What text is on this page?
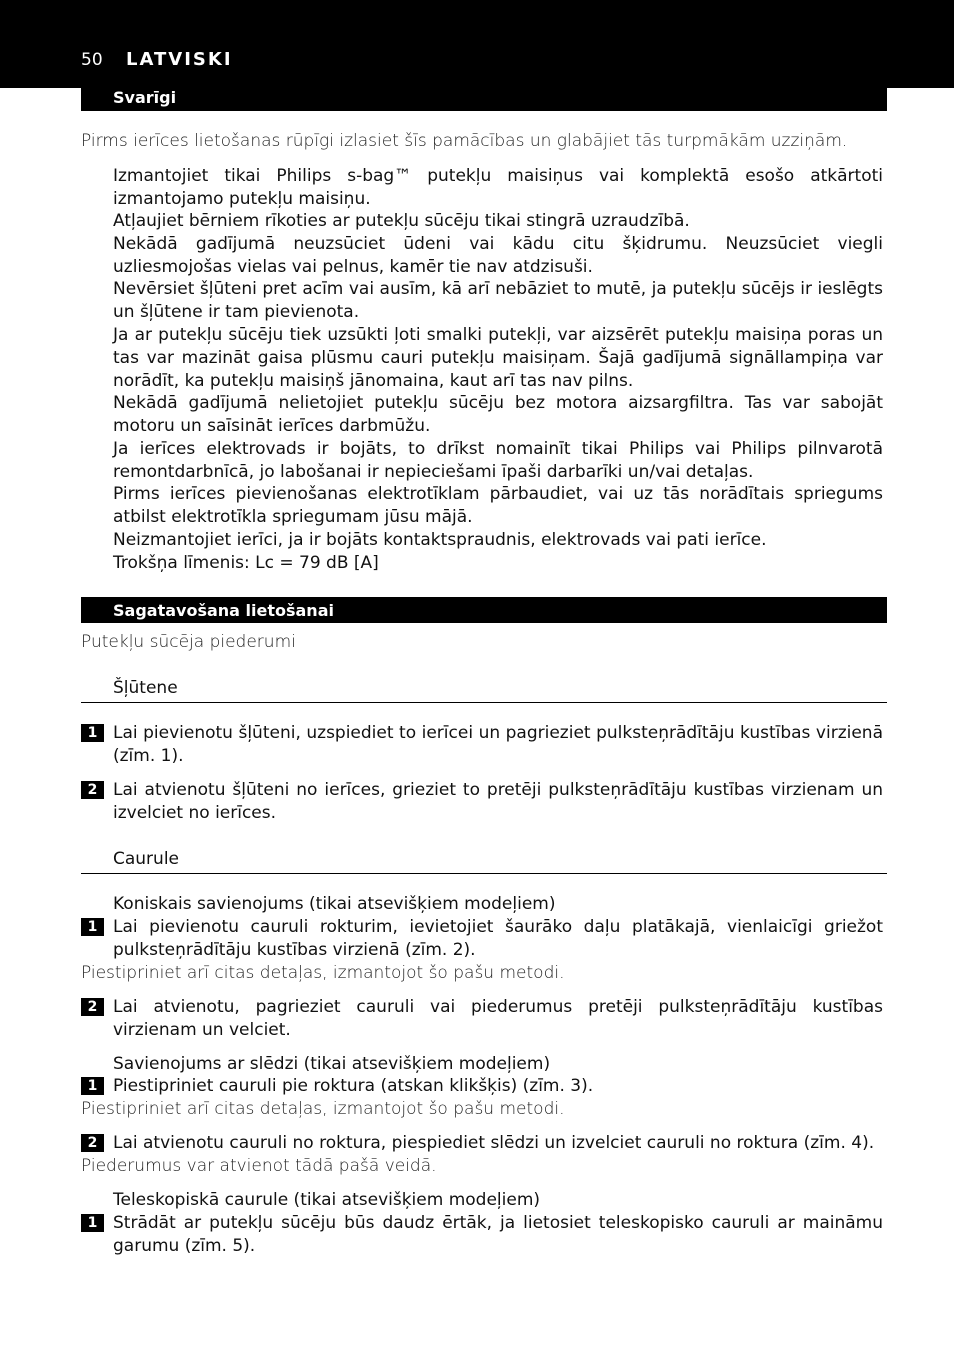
50 LATVISKI
Svarīgi
Pirms ierīces lietošanas rūpīgi izlasiet šīs pamācības un glabājiet tās turpmākām uzziņām.
Izmantojiet tikai Philips s-bag™ putekļu maisiņus vai komplektā esošo atkārtoti izmantojamo putekļu maisiņu.
Atļaujiet bērniem rīkoties ar putekļu sūcēju tikai stingrā uzraudzībā.
Nekādā gadījumā neuzsūciet ūdeni vai kādu citu šķidrumu. Neuzsūciet viegli uzliesmojošas vielas vai pelnus, kamēr tie nav atdzisuši.
Nevērsiet šļūteni pret acīm vai ausīm, kā arī nebāziet to mutē, ja putekļu sūcējs ir ieslēgts un šļūtene ir tam pievienota.
Ja ar putekļu sūcēju tiek uzsūkti ļoti smalki putekļi, var aizsērēt putekļu maisiņa poras un tas var mazināt gaisa plūsmu cauri putekļu maisiņam. Šajā gadījumā signāllampiņa var norādīt, ka putekļu maisiņš jānomaina, kaut arī tas nav pilns.
Nekādā gadījumā nelietojiet putekļu sūcēju bez motora aizsargfiltra. Tas var sabojāt motoru un saīsināt ierīces darbmūžu.
Ja ierīces elektrovads ir bojāts, to drīkst nomainīt tikai Philips vai Philips pilnvarotā remontdarbnīcā, jo labošanai ir nepieciešami īpaši darbarīki un/vai detaļas.
Pirms ierīces pievienošanas elektrotīklam pārbaudiet, vai uz tās norādītais spriegums atbilst elektrotīkla spriegumam jūsu mājā.
Neizmantojiet ierīci, ja ir bojāts kontaktspraudnis, elektrovads vai pati ierīce.
Trokšņa līmenis: Lc = 79 dB [A]
Sagatavošana lietošanai
Putekļu sūcēja piederumi
Šļūtene
1 Lai pievienotu šļūteni, uzspiediet to ierīcei un pagrieziet pulksteņrādītāju kustības virzienā (zīm. 1).
2 Lai atvienotu šļūteni no ierīces, grieziet to pretēji pulksteņrādītāju kustības virzienam un izvelciet no ierīces.
Caurule
Koniskais savienojums (tikai atsevišķiem modeļiem)
1 Lai pievienotu cauruli rokturim, ievietojiet šaurāko daļu platākajā, vienlaicīgi griežot pulksteņrādītāju kustības virzienā (zīm. 2).
Piestipriniet arī citas detaļas, izmantojot šo pašu metodi.
2 Lai atvienotu, pagrieziet cauruli vai piederumus pretēji pulksteņrādītāju kustības virzienam un velciet.
Savienojums ar slēdzi (tikai atsevišķiem modeļiem)
1 Piestipriniet cauruli pie roktura (atskan klikšķis) (zīm. 3).
Piestipriniet arī citas detaļas, izmantojot šo pašu metodi.
2 Lai atvienotu cauruli no roktura, piespiediet slēdzi un izvelciet cauruli no roktura (zīm. 4).
Piederumus var atvienot tādā pašā veidā.
Teleskopiskā caurule (tikai atsevišķiem modeļiem)
1 Strādāt ar putekļu sūcēju būs daudz ērtāk, ja lietosiet teleskopisko cauruli ar maināmu garumu (zīm. 5).
